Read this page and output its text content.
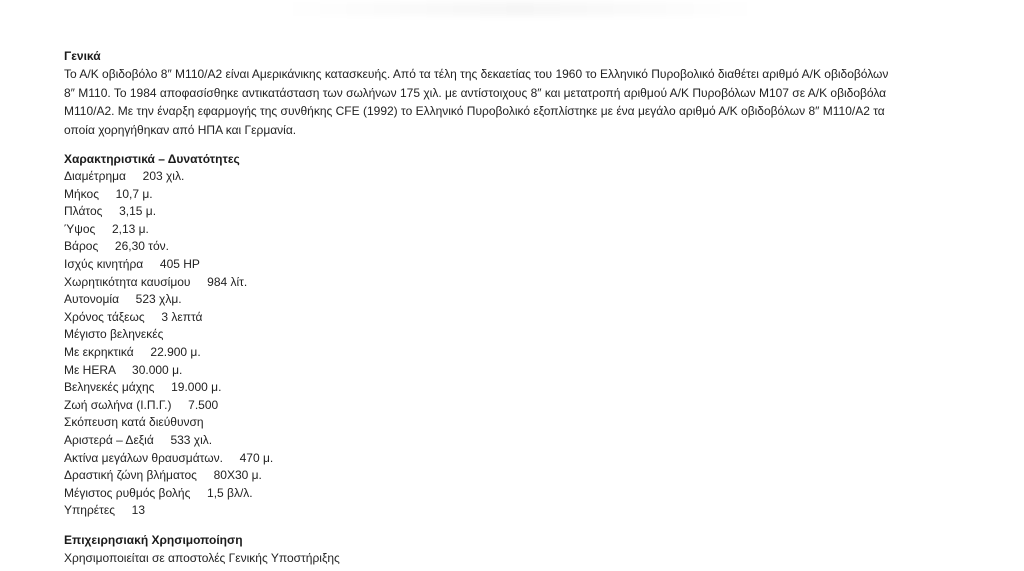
Γενικά

Το Α/Κ οβιδοβόλο 8″ Μ110/Α2 είναι Αμερικάνικης κατασκευής. Από τα τέλη της δεκαετίας του 1960 το Ελληνικό Πυροβολικό διαθέτει αριθμό Α/Κ οβιδοβόλων

8″ Μ110. Το 1984 αποφασίσθηκε αντικατάσταση των σωλήνων 175 χιλ. με αντίστοιχους 8″ και μετατροπή αριθμού Α/Κ Πυροβόλων Μ107 σε Α/Κ οβιδοβόλα

Μ110/Α2. Με την έναρξη εφαρμογής της συνθήκης CFE (1992) το Ελληνικό Πυροβολικό εξοπλίστηκε με ένα μεγάλο αριθμό Α/Κ οβιδοβόλων 8″ Μ110/Α2 τα

οποία χορηγήθηκαν από ΗΠΑ και Γερμανία.

Χαρακτηριστικά – Δυνατότητες
Διαμέτρημα     203 χιλ.
Μήκος     10,7 μ.
Πλάτος     3,15 μ.
Ύψος     2,13 μ.
Βάρος     26,30 τόν.
Ισχύς κινητήρα     405 HP
Χωρητικότητα καυσίμου     984 λίτ.
Αυτονομία     523 χλμ.
Χρόνος τάξεως     3 λεπτά
Μέγιστο βεληνεκές
Με εκρηκτικά     22.900 μ.
Με HERA     30.000 μ.
Βεληνεκές μάχης     19.000 μ.
Ζωή σωλήνα (Ι.Π.Γ.)     7.500
Σκόπευση κατά διεύθυνση
Αριστερά – Δεξιά     533 χιλ.
Ακτίνα μεγάλων θραυσμάτων.     470 μ.
Δραστική ζώνη βλήματος     80Χ30 μ.
Μέγιστος ρυθμός βολής     1,5 βλ/λ.
Υπηρέτες     13
Επιχειρησιακή Χρησιμοποίηση

Χρησιμοποιείται σε αποστολές Γενικής Υποστήριξης
